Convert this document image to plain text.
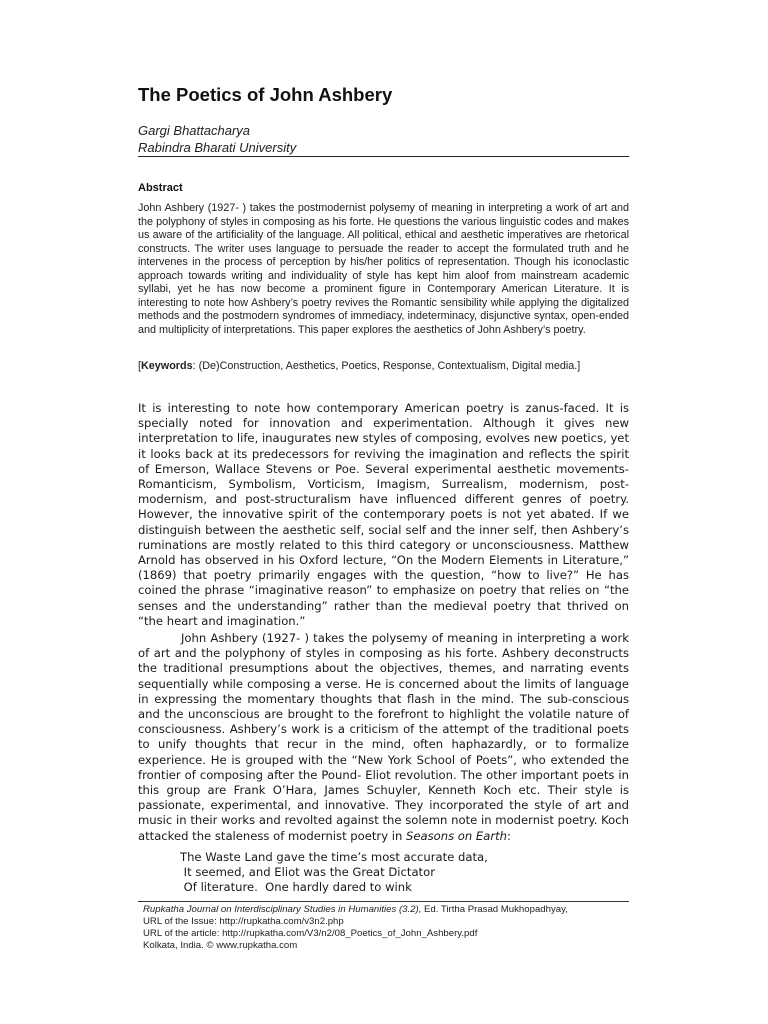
The Poetics of John Ashbery
Gargi Bhattacharya
Rabindra Bharati University
Abstract
John Ashbery (1927- ) takes the postmodernist polysemy of meaning in interpreting a work of art and the polyphony of styles in composing as his forte. He questions the various linguistic codes and makes us aware of the artificiality of the language. All political, ethical and aesthetic imperatives are rhetorical constructs. The writer uses language to persuade the reader to accept the formulated truth and he intervenes in the process of perception by his/her politics of representation. Though his iconoclastic approach towards writing and individuality of style has kept him aloof from mainstream academic syllabi, yet he has now become a prominent figure in Contemporary American Literature. It is interesting to note how Ashbery’s poetry revives the Romantic sensibility while applying the digitalized methods and the postmodern syndromes of immediacy, indeterminacy, disjunctive syntax, open-ended and multiplicity of interpretations. This paper explores the aesthetics of John Ashbery’s poetry.
[Keywords: (De)Construction, Aesthetics, Poetics, Response, Contextualism, Digital media.]
It is interesting to note how contemporary American poetry is zanus-faced. It is specially noted for innovation and experimentation. Although it gives new interpretation to life, inaugurates new styles of composing, evolves new poetics, yet it looks back at its predecessors for reviving the imagination and reflects the spirit of Emerson, Wallace Stevens or Poe. Several experimental aesthetic movements- Romanticism, Symbolism, Vorticism, Imagism, Surrealism, modernism, post-modernism, and post-structuralism have influenced different genres of poetry. However, the innovative spirit of the contemporary poets is not yet abated. If we distinguish between the aesthetic self, social self and the inner self, then Ashbery’s ruminations are mostly related to this third category or unconsciousness. Matthew Arnold has observed in his Oxford lecture, “On the Modern Elements in Literature,” (1869) that poetry primarily engages with the question, “how to live?” He has coined the phrase “imaginative reason” to emphasize on poetry that relies on “the senses and the understanding” rather than the medieval poetry that thrived on “the heart and imagination.”
John Ashbery (1927- ) takes the polysemy of meaning in interpreting a work of art and the polyphony of styles in composing as his forte. Ashbery deconstructs the traditional presumptions about the objectives, themes, and narrating events sequentially while composing a verse. He is concerned about the limits of language in expressing the momentary thoughts that flash in the mind. The sub-conscious and the unconscious are brought to the forefront to highlight the volatile nature of consciousness. Ashbery’s work is a criticism of the attempt of the traditional poets to unify thoughts that recur in the mind, often haphazardly, or to formalize experience. He is grouped with the “New York School of Poets”, who extended the frontier of composing after the Pound- Eliot revolution. The other important poets in this group are Frank O’Hara, James Schuyler, Kenneth Koch etc. Their style is passionate, experimental, and innovative. They incorporated the style of art and music in their works and revolted against the solemn note in modernist poetry. Koch attacked the staleness of modernist poetry in Seasons on Earth:
The Waste Land gave the time’s most accurate data,
It seemed, and Eliot was the Great Dictator
Of literature.  One hardly dared to wink
Rupkatha Journal on Interdisciplinary Studies in Humanities (3.2), Ed. Tirtha Prasad Mukhopadhyay,
URL of the Issue: http://rupkatha.com/v3n2.php
URL of the article: http://rupkatha.com/V3/n2/08_Poetics_of_John_Ashbery.pdf
Kolkata, India. © www.rupkatha.com
